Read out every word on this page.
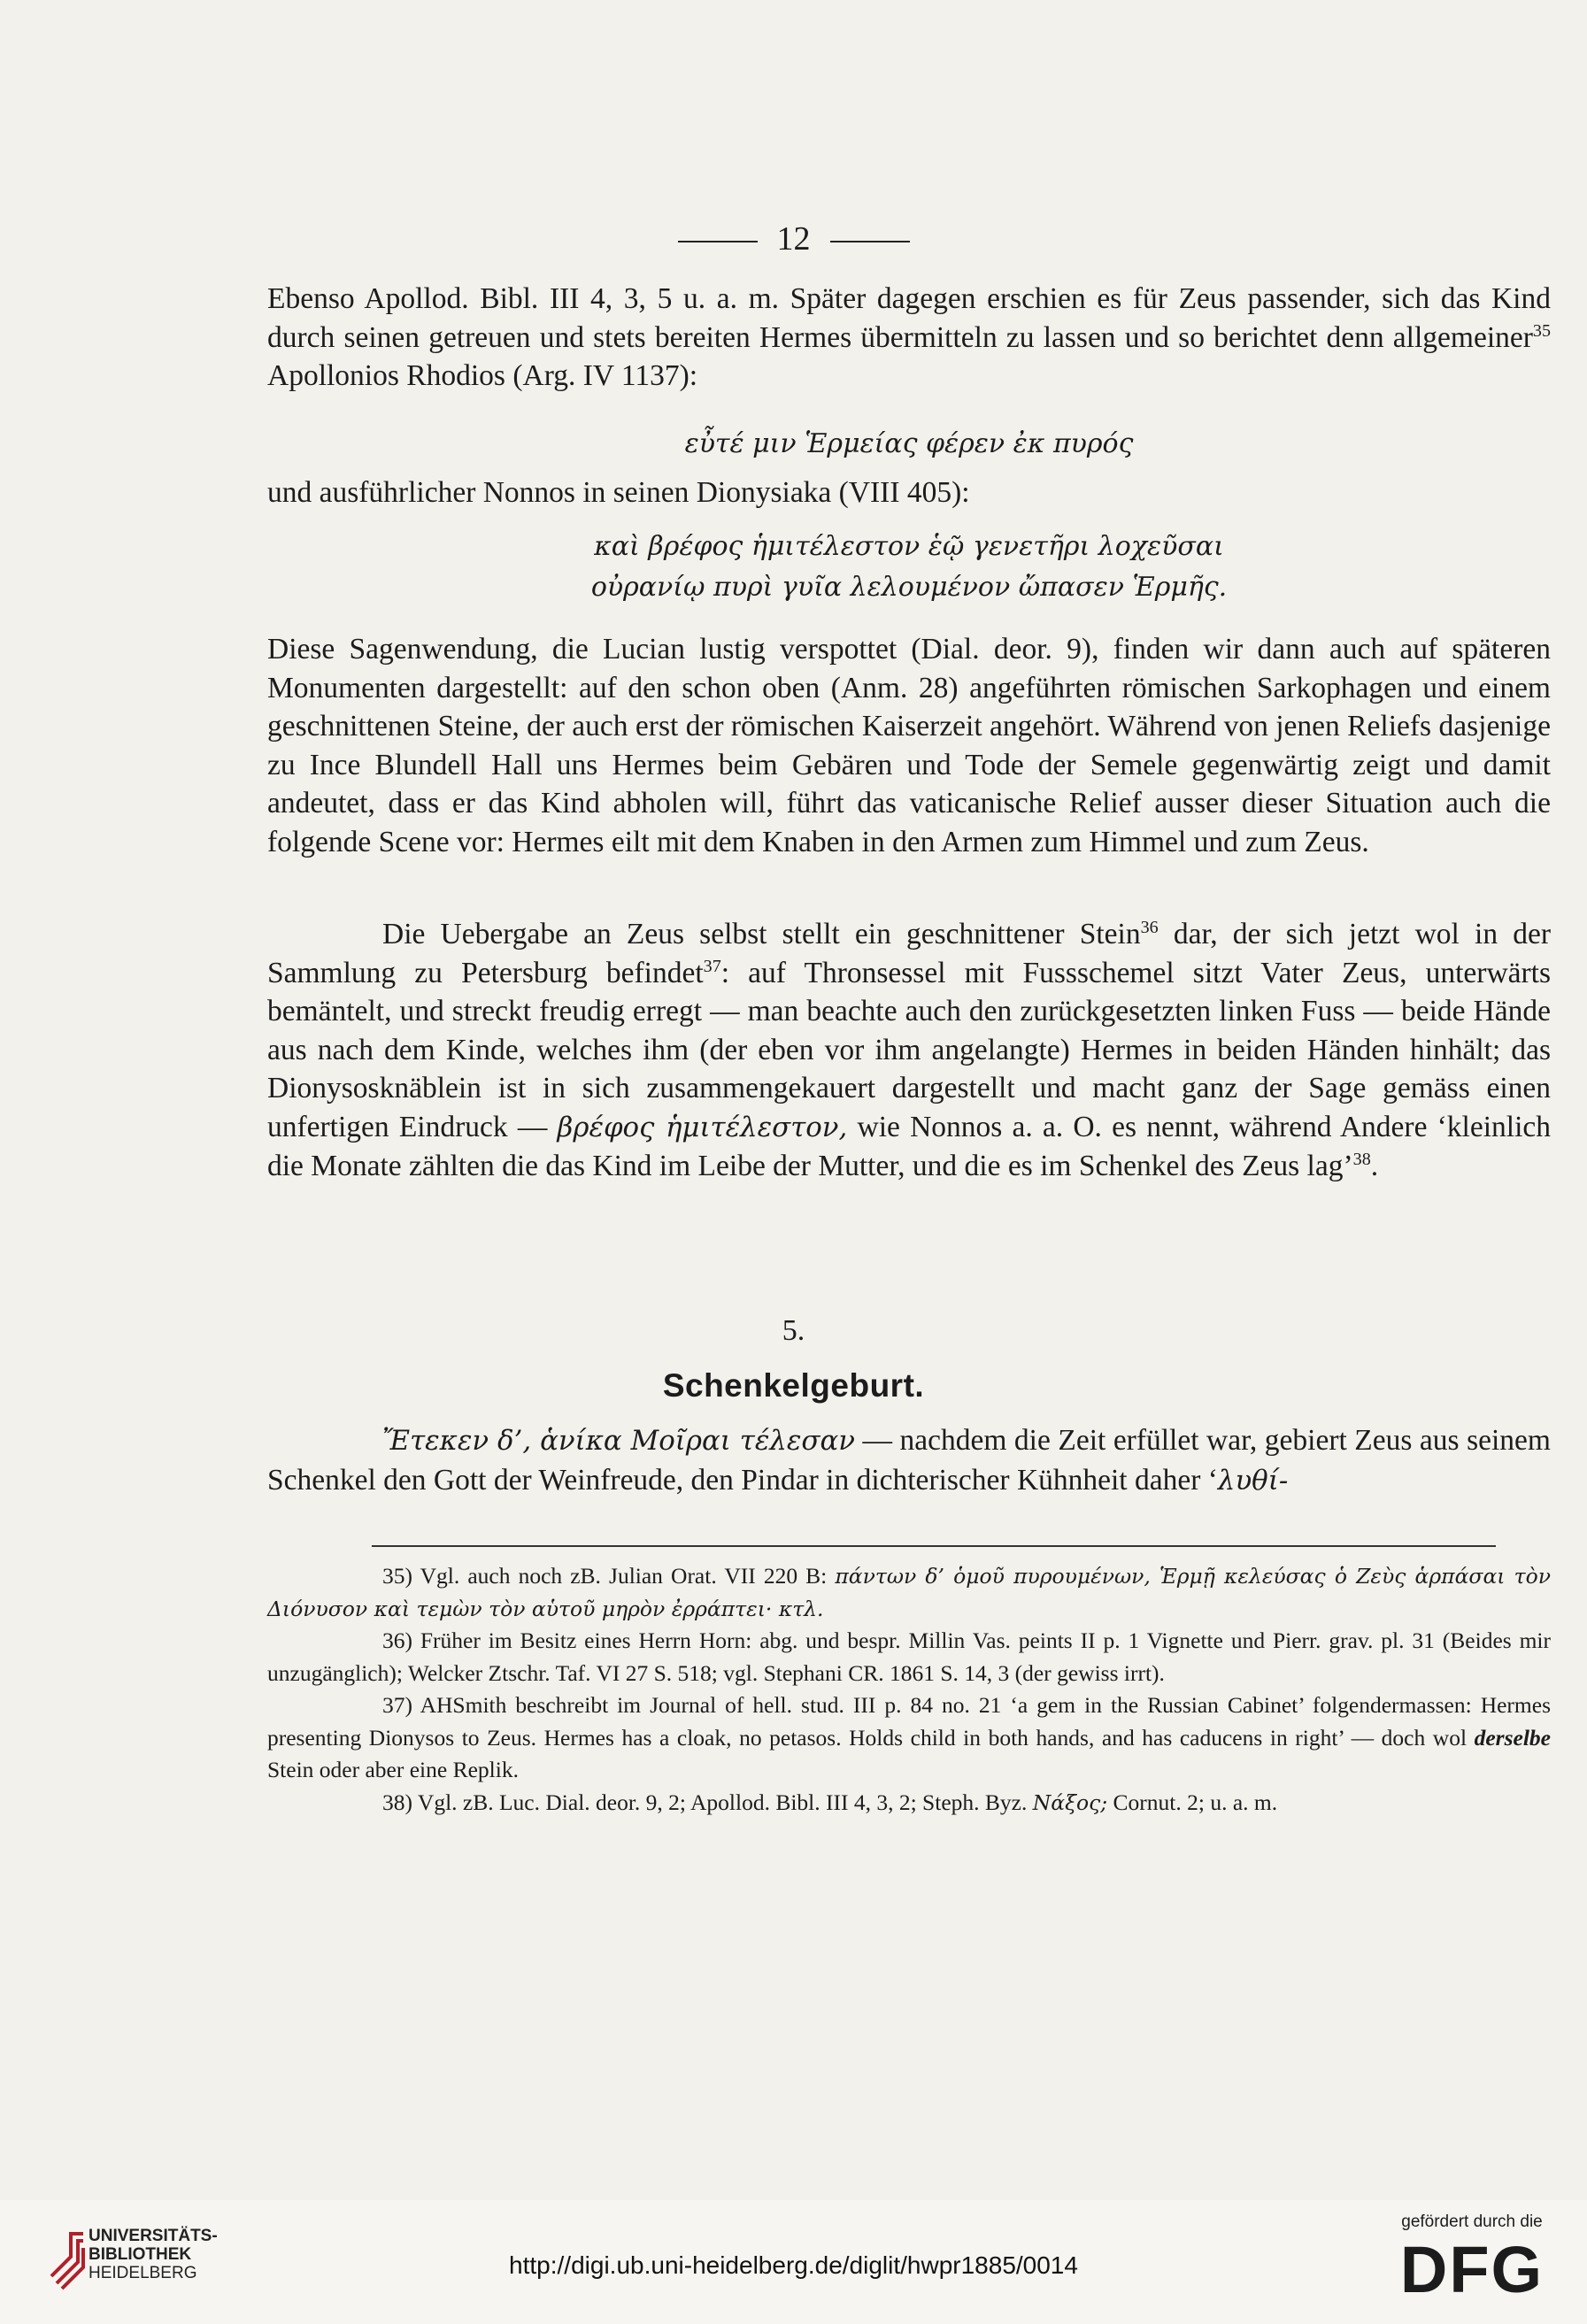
12

Ebenso Apollod. Bibl. III 4, 3, 5 u. a. m. Später dagegen erschien es für Zeus passender, sich das Kind durch seinen getreuen und stets bereiten Hermes übermitteln zu lassen und so berichtet denn allgemeiner$^{35}$ Apollonios Rhodios (Arg. IV 1137):

εὖτέ μιν Ἑρμείας φέρεν ἐκ πυρός

und ausführlicher Nonnos in seinen Dionysiaka (VIII 405):

καὶ βρέφος ἡμιτέλεστον ἑῷ γενετῆρι λοχεῦσαι
οὐρανίῳ πυρὶ γυῖα λελουμένον ὤπασεν Ἑρμῆς.

Diese Sagenwendung, die Lucian lustig verspottet (Dial. deor. 9), finden wir dann auch auf späteren Monumenten dargestellt: auf den schon oben (Anm. 28) angeführten römischen Sarkophagen und einem geschnittenen Steine, der auch erst der römischen Kaiserzeit angehört. Während von jenen Reliefs dasjenige zu Ince Blundell Hall uns Hermes beim Gebären und Tode der Semele gegenwärtig zeigt und damit andeutet, dass er das Kind abholen will, führt das vaticanische Relief ausser dieser Situation auch die folgende Scene vor: Hermes eilt mit dem Knaben in den Armen zum Himmel und zum Zeus.

Die Uebergabe an Zeus selbst stellt ein geschnittener Stein$^{36}$ dar, der sich jetzt wol in der Sammlung zu Petersburg befindet$^{37}$: auf Thronsessel mit Fussschemel sitzt Vater Zeus, unterwärts bemäntelt, und streckt freudig erregt — man beachte auch den zurückgesetzten linken Fuss — beide Hände aus nach dem Kinde, welches ihm (der eben vor ihm angelangte) Hermes in beiden Händen hinhält; das Dionysosknäblein ist in sich zusammengekauert dargestellt und macht ganz der Sage gemäss einen unfertigen Eindruck — βρέφος ἡμιτέλεστον, wie Nonnos a. a. O. es nennt, während Andere ‘kleinlich die Monate zählten die das Kind im Leibe der Mutter, und die es im Schenkel des Zeus lag’$^{38}$.

5.
Schenkelgeburt.

Ἔτεκεν δ’, ἁνίκα Μοῖραι τέλεσαν — nachdem die Zeit erfüllet war, gebiert Zeus aus seinem Schenkel den Gott der Weinfreude, den Pindar in dichterischer Kühnheit daher ‘λυθί-

35) Vgl. auch noch zB. Julian Orat. VII 220 B: πάντων δ’ ὁμοῦ πυρουμένων, Ἑρμῇ κελεύσας ὁ Ζεὺς ἁρπάσαι τὸν Διόνυσον καὶ τεμὼν τὸν αὑτοῦ μηρὸν ἐρράπτει· κτλ.

36) Früher im Besitz eines Herrn Horn: abg. und bespr. Millin Vas. peints II p. 1 Vignette und Pierr. grav. pl. 31 (Beides mir unzugänglich); Welcker Ztschr. Taf. VI 27 S. 518; vgl. Stephani CR. 1861 S. 14, 3 (der gewiss irrt).

37) AHSmith beschreibt im Journal of hell. stud. III p. 84 no. 21 ‘a gem in the Russian Cabinet’ folgendermassen: Hermes presenting Dionysos to Zeus. Hermes has a cloak, no petasos. Holds child in both hands, and has caducens in right’ — doch wol derselbe Stein oder aber eine Replik.

38) Vgl. zB. Luc. Dial. deor. 9, 2; Apollod. Bibl. III 4, 3, 2; Steph. Byz. Νάξος; Cornut. 2; u. a. m.

UNIVERSITÄTS-
BIBLIOTHEK
HEIDELBERG	http://digi.ub.uni-heidelberg.de/diglit/hwpr1885/0014
gefördert durch die
DFG
